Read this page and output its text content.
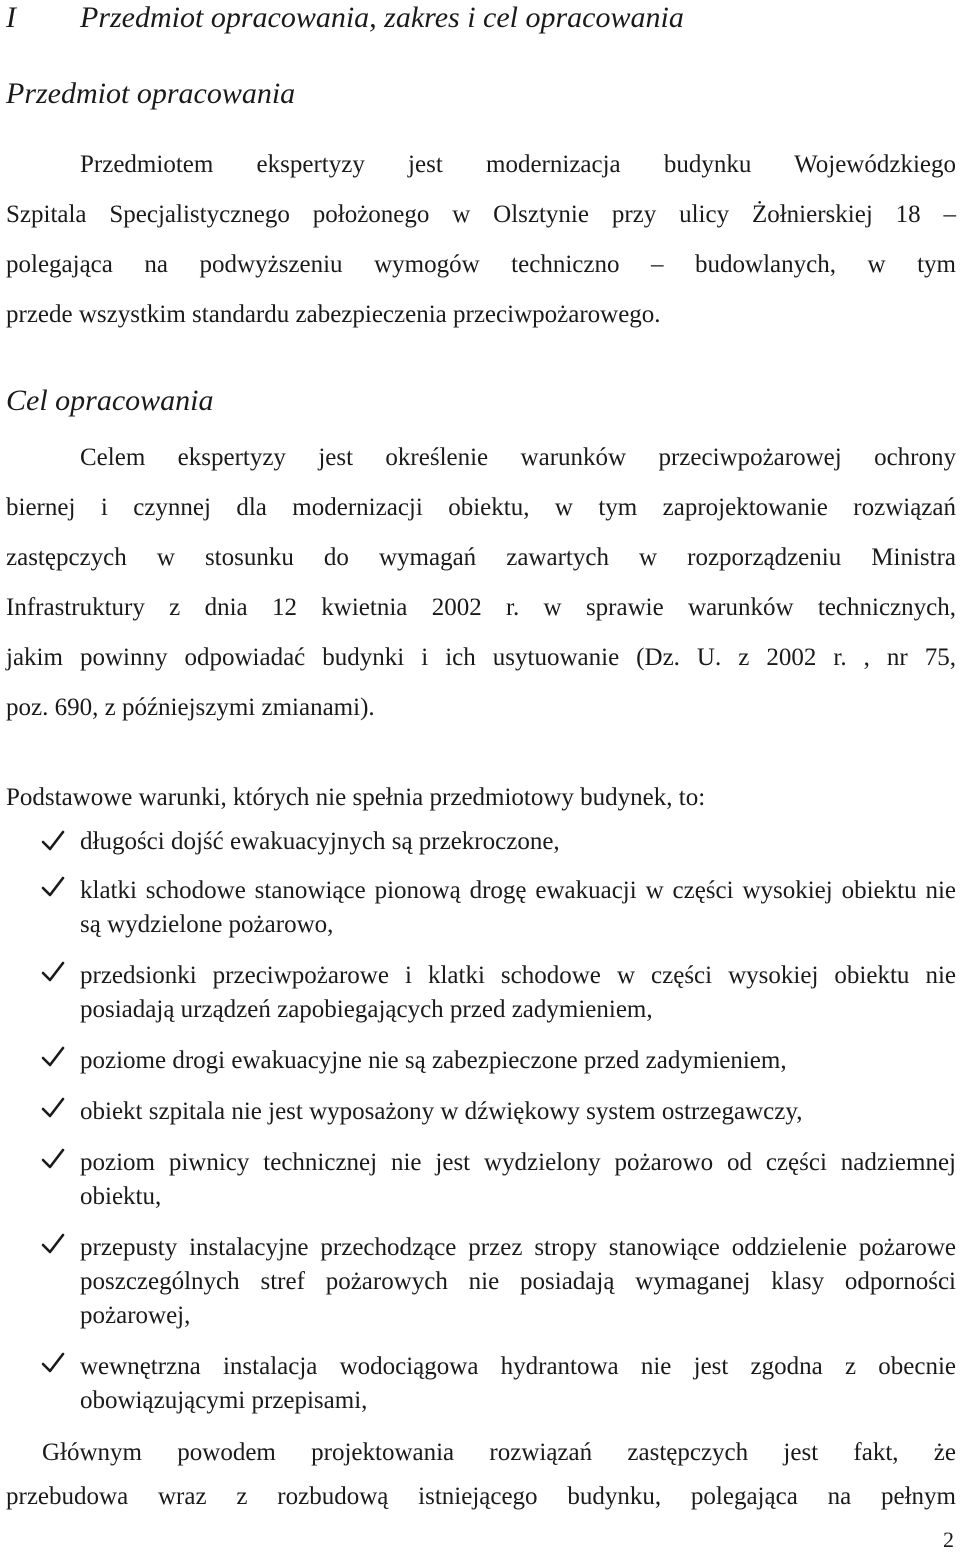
I Przedmiot opracowania, zakres i cel opracowania
Przedmiot opracowania
Przedmiotem ekspertyzy jest modernizacja budynku Wojewódzkiego
Szpitala Specjalistycznego położonego w Olsztynie przy ulicy Żołnierskiej 18 –
polegająca na podwyższeniu wymogów techniczno – budowlanych, w tym
przede wszystkim standardu zabezpieczenia przeciwpożarowego.
Cel opracowania
Celem ekspertyzy jest określenie warunków przeciwpożarowej ochrony
biernej i czynnej dla modernizacji obiektu, w tym zaprojektowanie rozwiązań
zastępczych w stosunku do wymagań zawartych w rozporządzeniu Ministra
Infrastruktury z dnia 12 kwietnia 2002 r. w sprawie warunków technicznych,
jakim powinny odpowiadać budynki i ich usytuowanie (Dz. U. z 2002 r. , nr 75,
poz. 690, z późniejszymi zmianami).
Podstawowe warunki, których nie spełnia przedmiotowy budynek, to:
długości dojść ewakuacyjnych są przekroczone,
klatki schodowe stanowiące pionową drogę ewakuacji w części wysokiej obiektu nie są wydzielone pożarowo,
przedsionki przeciwpożarowe i klatki schodowe w części wysokiej obiektu nie posiadają urządzeń zapobiegających przed zadymieniem,
poziome drogi ewakuacyjne nie są zabezpieczone przed zadymieniem,
obiekt szpitala nie jest wyposażony w dźwiękowy system ostrzegawczy,
poziom piwnicy technicznej nie jest wydzielony pożarowo od części nadziemnej obiektu,
przepusty instalacyjne przechodzące przez stropy stanowiące oddzielenie pożarowe poszczególnych stref pożarowych nie posiadają wymaganej klasy odporności pożarowej,
wewnętrzna instalacja wodociągowa hydrantowa nie jest zgodna z obecnie obowiązującymi przepisami,
Głównym powodem projektowania rozwiązań zastępczych jest fakt, że
przebudowa wraz z rozbudową istniejącego budynku, polegająca na pełnym
2
